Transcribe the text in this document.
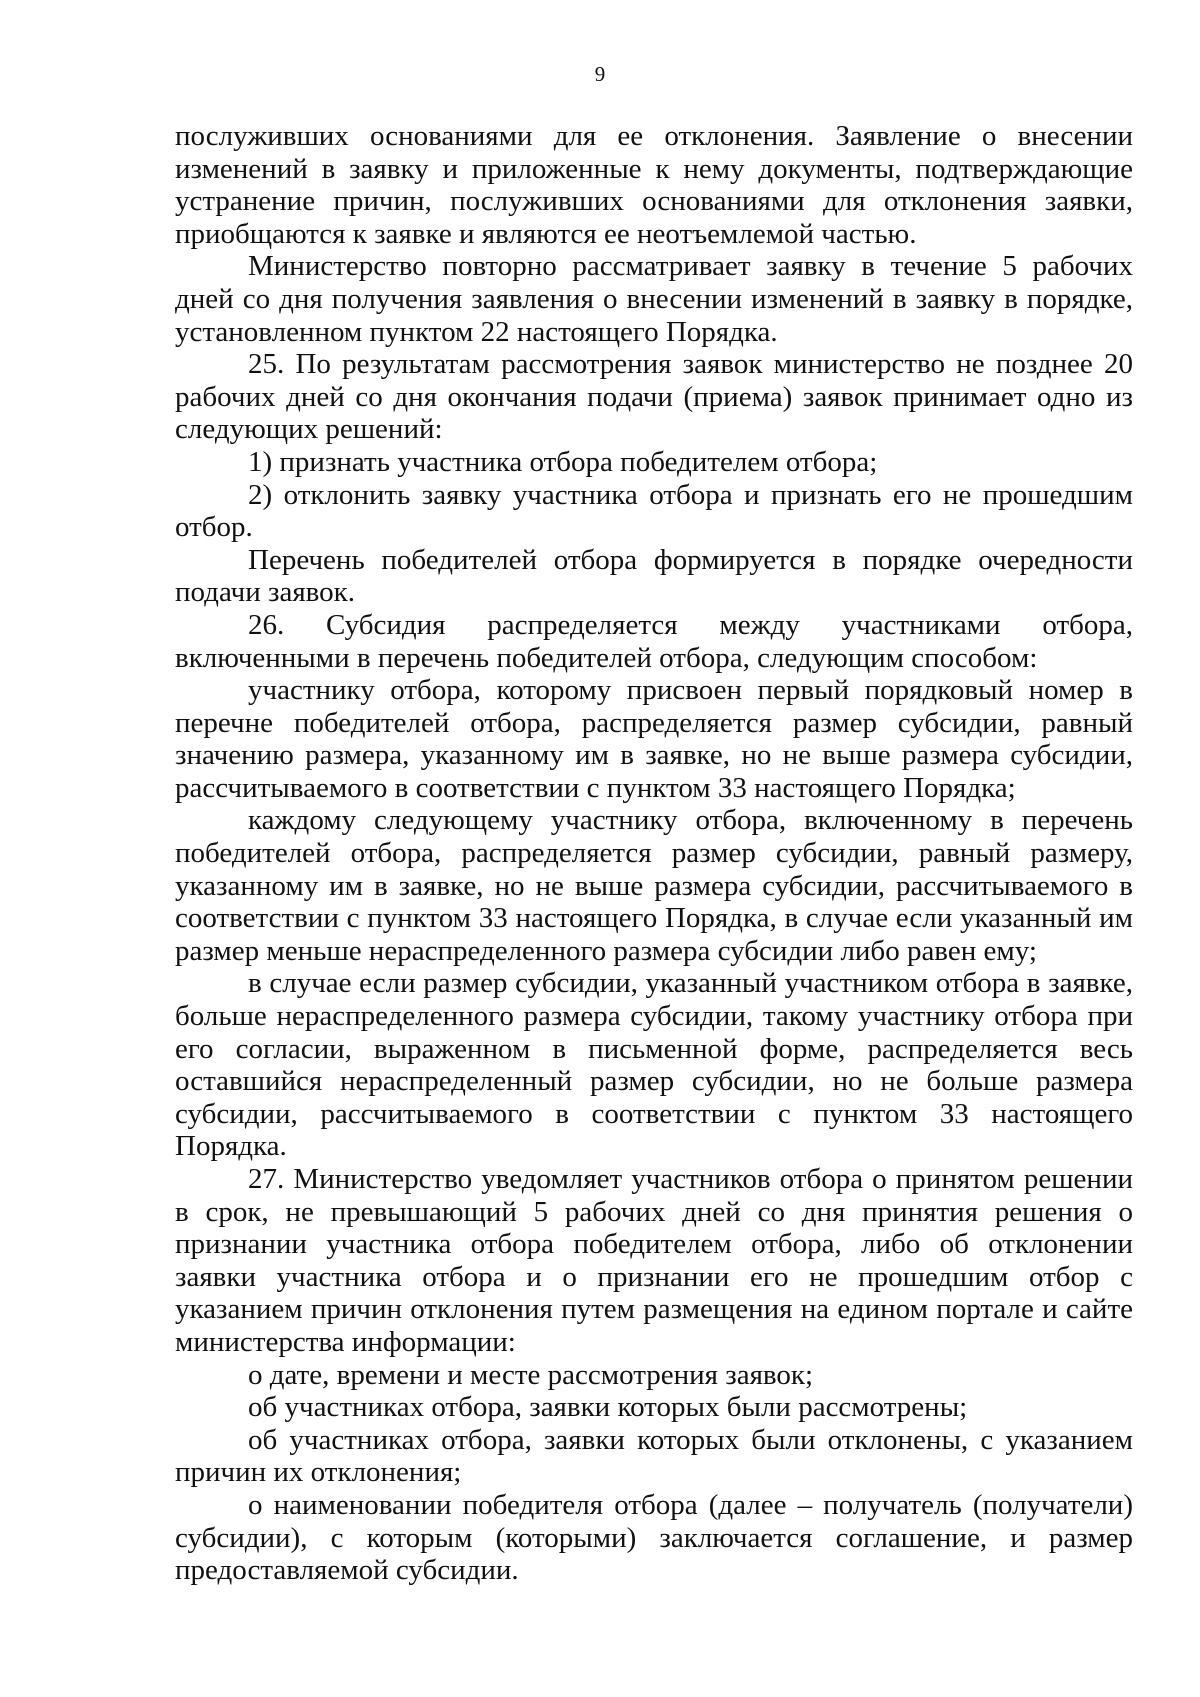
9

послуживших основаниями для ее отклонения. Заявление о внесении изменений в заявку и приложенные к нему документы, подтверждающие устранение причин, послуживших основаниями для отклонения заявки, приобщаются к заявке и являются ее неотъемлемой частью.

Министерство повторно рассматривает заявку в течение 5 рабочих дней со дня получения заявления о внесении изменений в заявку в порядке, установленном пунктом 22 настоящего Порядка.

25. По результатам рассмотрения заявок министерство не позднее 20 рабочих дней со дня окончания подачи (приема) заявок принимает одно из следующих решений:

1) признать участника отбора победителем отбора;

2) отклонить заявку участника отбора и признать его не прошедшим отбор.

Перечень победителей отбора формируется в порядке очередности подачи заявок.

26. Субсидия распределяется между участниками отбора, включенными в перечень победителей отбора, следующим способом:

участнику отбора, которому присвоен первый порядковый номер в перечне победителей отбора, распределяется размер субсидии, равный значению размера, указанному им в заявке, но не выше размера субсидии, рассчитываемого в соответствии с пунктом 33 настоящего Порядка;

каждому следующему участнику отбора, включенному в перечень победителей отбора, распределяется размер субсидии, равный размеру, указанному им в заявке, но не выше размера субсидии, рассчитываемого в соответствии с пунктом 33 настоящего Порядка, в случае если указанный им размер меньше нераспределенного размера субсидии либо равен ему;

в случае если размер субсидии, указанный участником отбора в заявке, больше нераспределенного размера субсидии, такому участнику отбора при его согласии, выраженном в письменной форме, распределяется весь оставшийся нераспределенный размер субсидии, но не больше размера субсидии, рассчитываемого в соответствии с пунктом 33 настоящего Порядка.

27. Министерство уведомляет участников отбора о принятом решении в срок, не превышающий 5 рабочих дней со дня принятия решения о признании участника отбора победителем отбора, либо об отклонении заявки участника отбора и о признании его не прошедшим отбор с указанием причин отклонения путем размещения на едином портале и сайте министерства информации:

о дате, времени и месте рассмотрения заявок;

об участниках отбора, заявки которых были рассмотрены;

об участниках отбора, заявки которых были отклонены, с указанием причин их отклонения;

о наименовании победителя отбора (далее – получатель (получатели) субсидии), с которым (которыми) заключается соглашение, и размер предоставляемой субсидии.
